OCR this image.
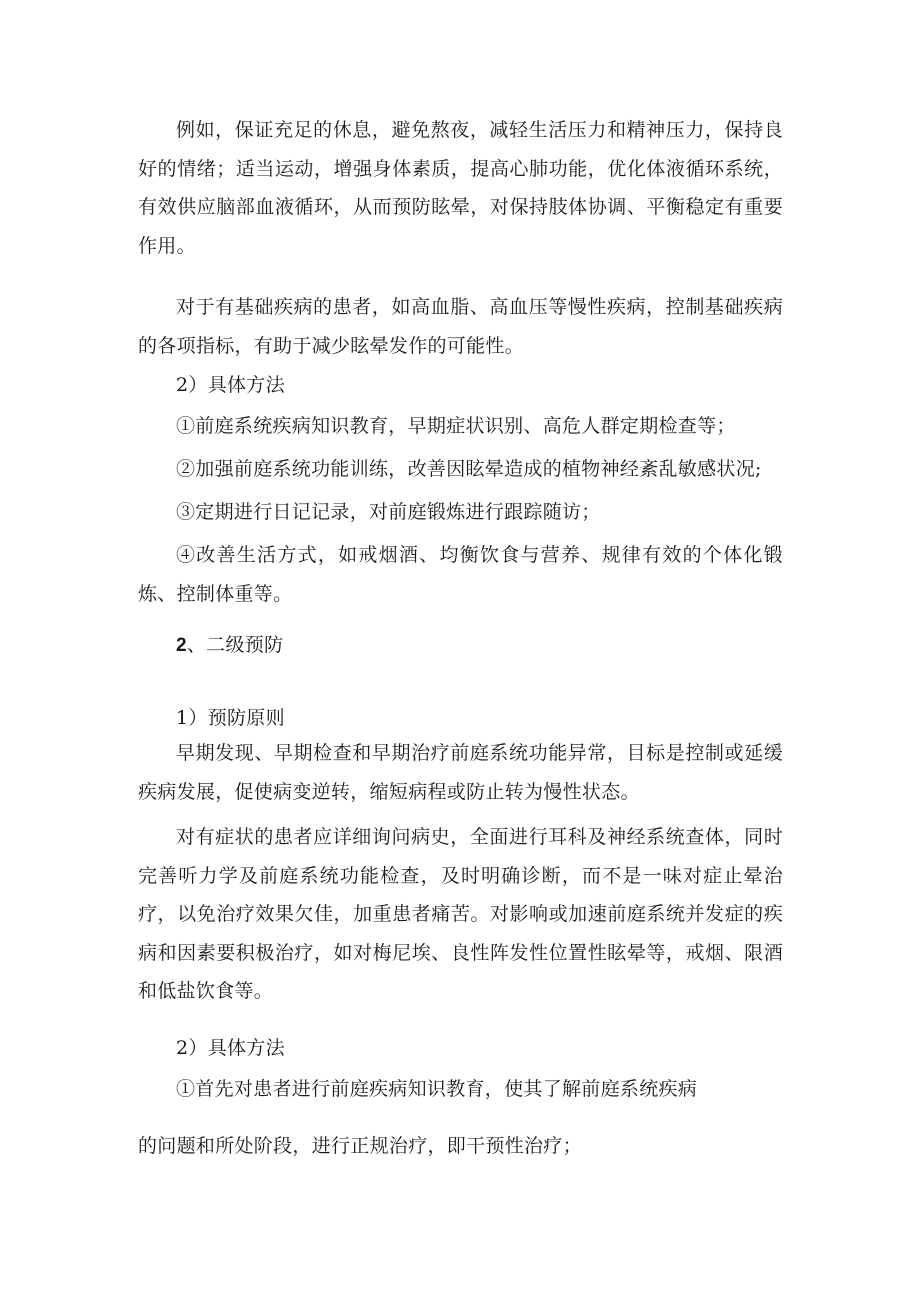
例如，保证充足的休息，避免熬夜，减轻生活压力和精神压力，保持良好的情绪；适当运动，增强身体素质，提高心肺功能，优化体液循环系统，有效供应脑部血液循环，从而预防眩晕，对保持肢体协调、平衡稳定有重要作用。

对于有基础疾病的患者，如高血脂、高血压等慢性疾病，控制基础疾病的各项指标，有助于减少眩晕发作的可能性。

2）具体方法

①前庭系统疾病知识教育，早期症状识别、高危人群定期检查等；

②加强前庭系统功能训练，改善因眩晕造成的植物神经紊乱敏感状况;

③定期进行日记记录，对前庭锻炼进行跟踪随访；

④改善生活方式，如戒烟酒、均衡饮食与营养、规律有效的个体化锻炼、控制体重等。

2、二级预防

1）预防原则

早期发现、早期检查和早期治疗前庭系统功能异常，目标是控制或延缓疾病发展，促使病变逆转，缩短病程或防止转为慢性状态。

对有症状的患者应详细询问病史，全面进行耳科及神经系统查体，同时完善听力学及前庭系统功能检查，及时明确诊断，而不是一味对症止晕治疗，以免治疗效果欠佳，加重患者痛苦。对影响或加速前庭系统并发症的疾病和因素要积极治疗，如对梅尼埃、良性阵发性位置性眩晕等，戒烟、限酒和低盐饮食等。

2）具体方法

①首先对患者进行前庭疾病知识教育，使其了解前庭系统疾病

的问题和所处阶段，进行正规治疗，即干预性治疗；
